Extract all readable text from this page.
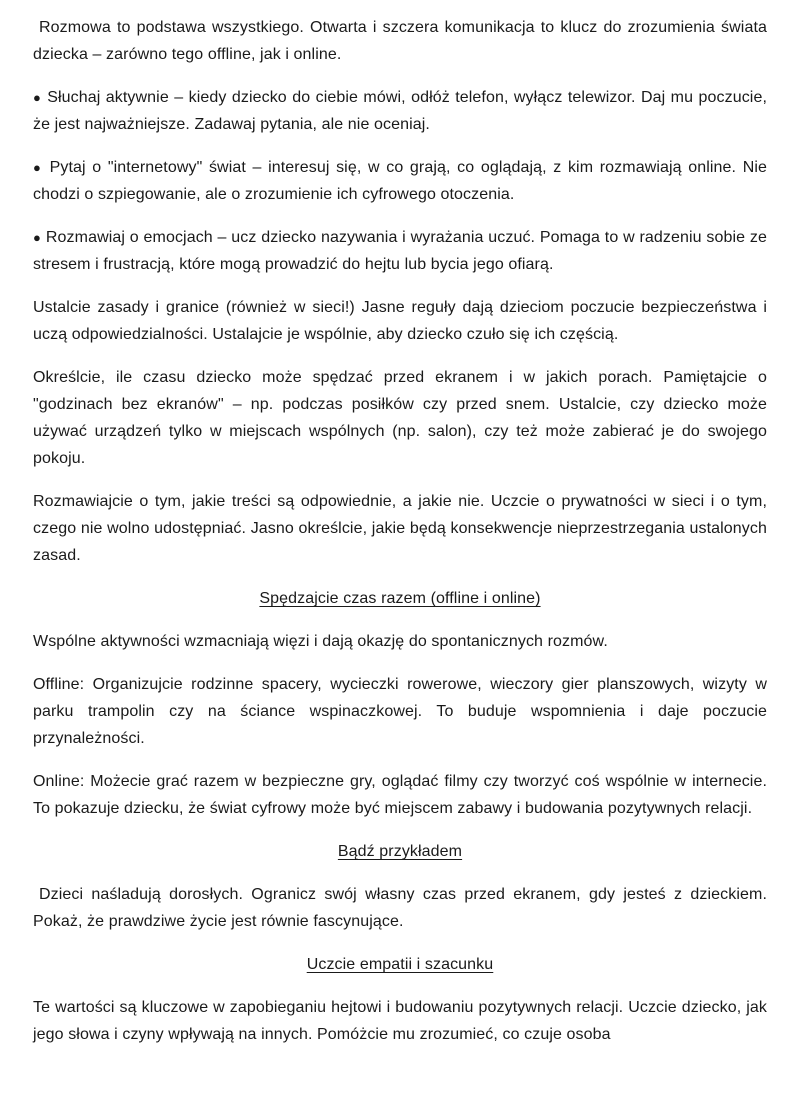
Rozmowa to podstawa wszystkiego. Otwarta i szczera komunikacja to klucz do zrozumienia świata dziecka – zarówno tego offline, jak i online.

● Słuchaj aktywnie – kiedy dziecko do ciebie mówi, odłóż telefon, wyłącz telewizor. Daj mu poczucie, że jest najważniejsze. Zadawaj pytania, ale nie oceniaj.

● Pytaj o "internetowy" świat – interesuj się, w co grają, co oglądają, z kim rozmawiają online. Nie chodzi o szpiegowanie, ale o zrozumienie ich cyfrowego otoczenia.

● Rozmawiaj o emocjach – ucz dziecko nazywania i wyrażania uczuć. Pomaga to w radzeniu sobie ze stresem i frustracją, które mogą prowadzić do hejtu lub bycia jego ofiarą.

Ustalcie zasady i granice (również w sieci!) Jasne reguły dają dzieciom poczucie bezpieczeństwa i uczą odpowiedzialności. Ustalajcie je wspólnie, aby dziecko czuło się ich częścią.

Określcie, ile czasu dziecko może spędzać przed ekranem i w jakich porach. Pamiętajcie o "godzinach bez ekranów" – np. podczas posiłków czy przed snem. Ustalcie, czy dziecko może używać urządzeń tylko w miejscach wspólnych (np. salon), czy też może zabierać je do swojego pokoju.

Rozmawiajcie o tym, jakie treści są odpowiednie, a jakie nie. Uczcie o prywatności w sieci i o tym, czego nie wolno udostępniać. Jasno określcie, jakie będą konsekwencje nieprzestrzegania ustalonych zasad.

Spędzajcie czas razem (offline i online)

Wspólne aktywności wzmacniają więzi i dają okazję do spontanicznych rozmów.

Offline: Organizujcie rodzinne spacery, wycieczki rowerowe, wieczory gier planszowych, wizyty w parku trampolin czy na ściance wspinaczkowej. To buduje wspomnienia i daje poczucie przynależności.

Online: Możecie grać razem w bezpieczne gry, oglądać filmy czy tworzyć coś wspólnie w internecie. To pokazuje dziecku, że świat cyfrowy może być miejscem zabawy i budowania pozytywnych relacji.

Bądź przykładem

Dzieci naśladują dorosłych. Ogranicz swój własny czas przed ekranem, gdy jesteś z dzieckiem. Pokaż, że prawdziwe życie jest równie fascynujące.

Uczcie empatii i szacunku

Te wartości są kluczowe w zapobieganiu hejtowi i budowaniu pozytywnych relacji. Uczcie dziecko, jak jego słowa i czyny wpływają na innych. Pomóżcie mu zrozumieć, co czuje osoba
